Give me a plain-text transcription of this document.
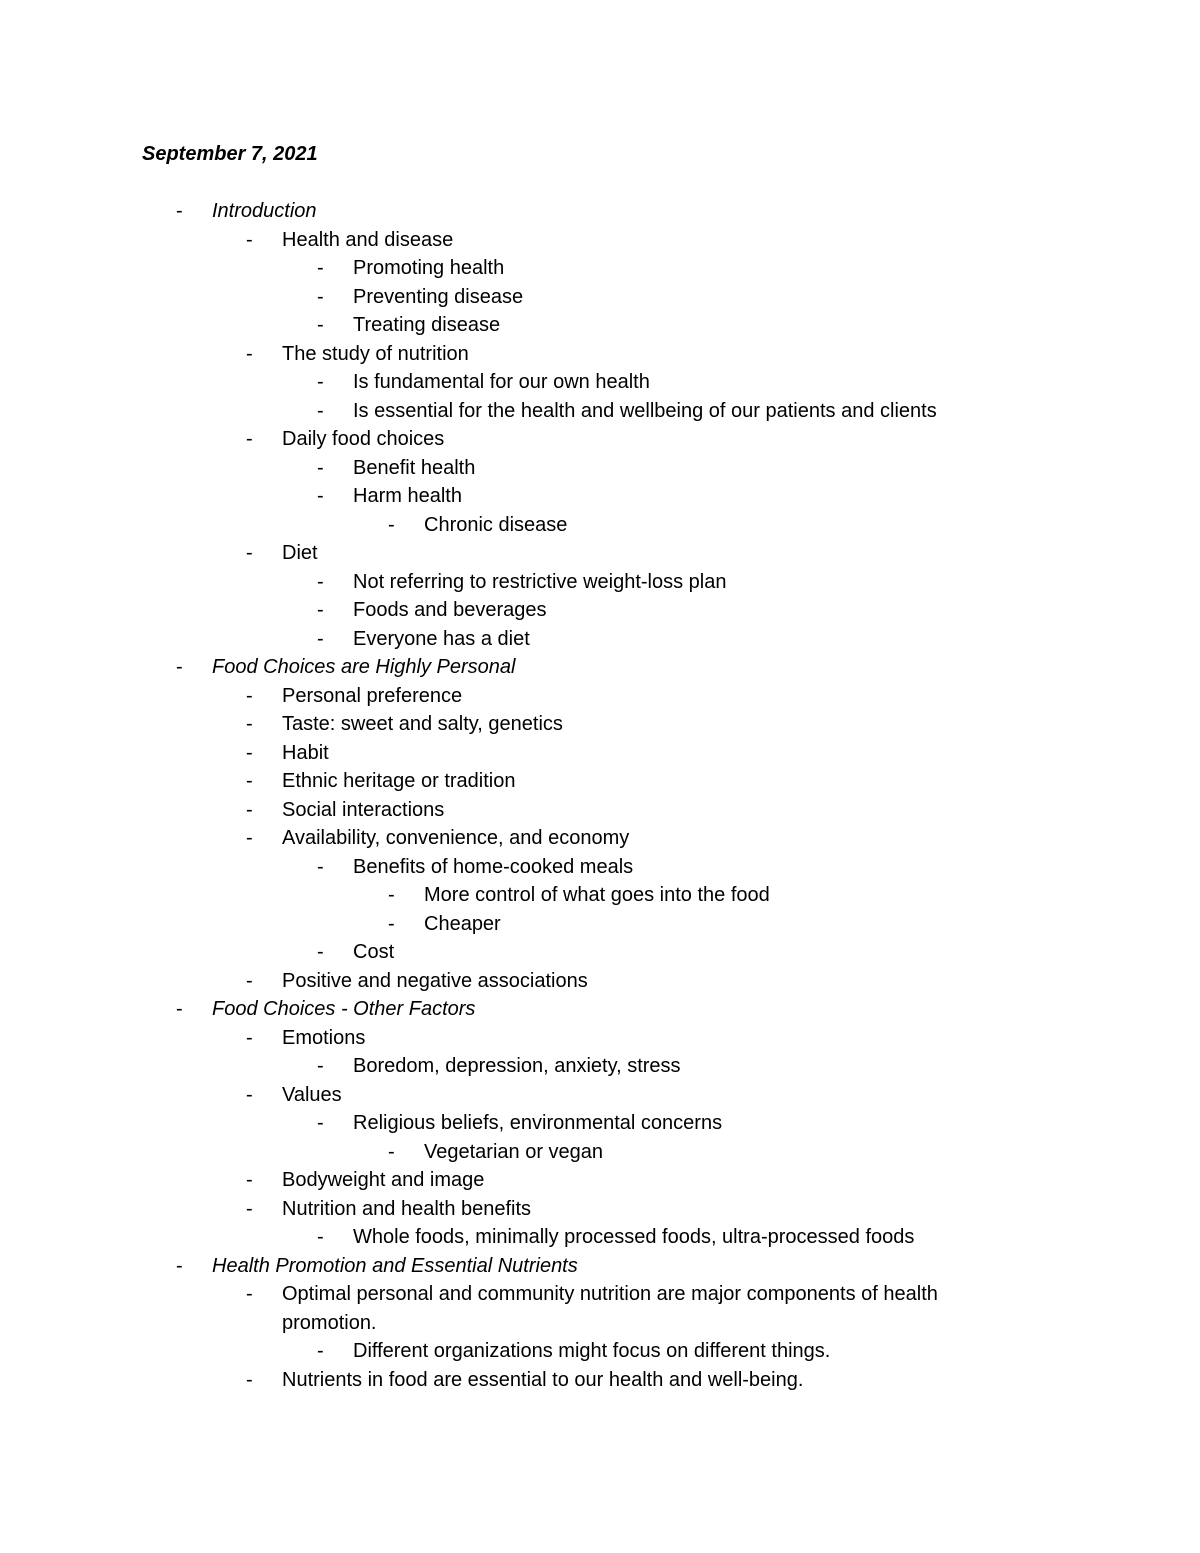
September 7, 2021
- Introduction
- Health and disease
- Promoting health
- Preventing disease
- Treating disease
- The study of nutrition
- Is fundamental for our own health
- Is essential for the health and wellbeing of our patients and clients
- Daily food choices
- Benefit health
- Harm health
- Chronic disease
- Diet
- Not referring to restrictive weight-loss plan
- Foods and beverages
- Everyone has a diet
- Food Choices are Highly Personal
- Personal preference
- Taste: sweet and salty, genetics
- Habit
- Ethnic heritage or tradition
- Social interactions
- Availability, convenience, and economy
- Benefits of home-cooked meals
- More control of what goes into the food
- Cheaper
- Cost
- Positive and negative associations
- Food Choices - Other Factors
- Emotions
- Boredom, depression, anxiety, stress
- Values
- Religious beliefs, environmental concerns
- Vegetarian or vegan
- Bodyweight and image
- Nutrition and health benefits
- Whole foods, minimally processed foods, ultra-processed foods
- Health Promotion and Essential Nutrients
- Optimal personal and community nutrition are major components of health promotion.
- Different organizations might focus on different things.
- Nutrients in food are essential to our health and well-being.
